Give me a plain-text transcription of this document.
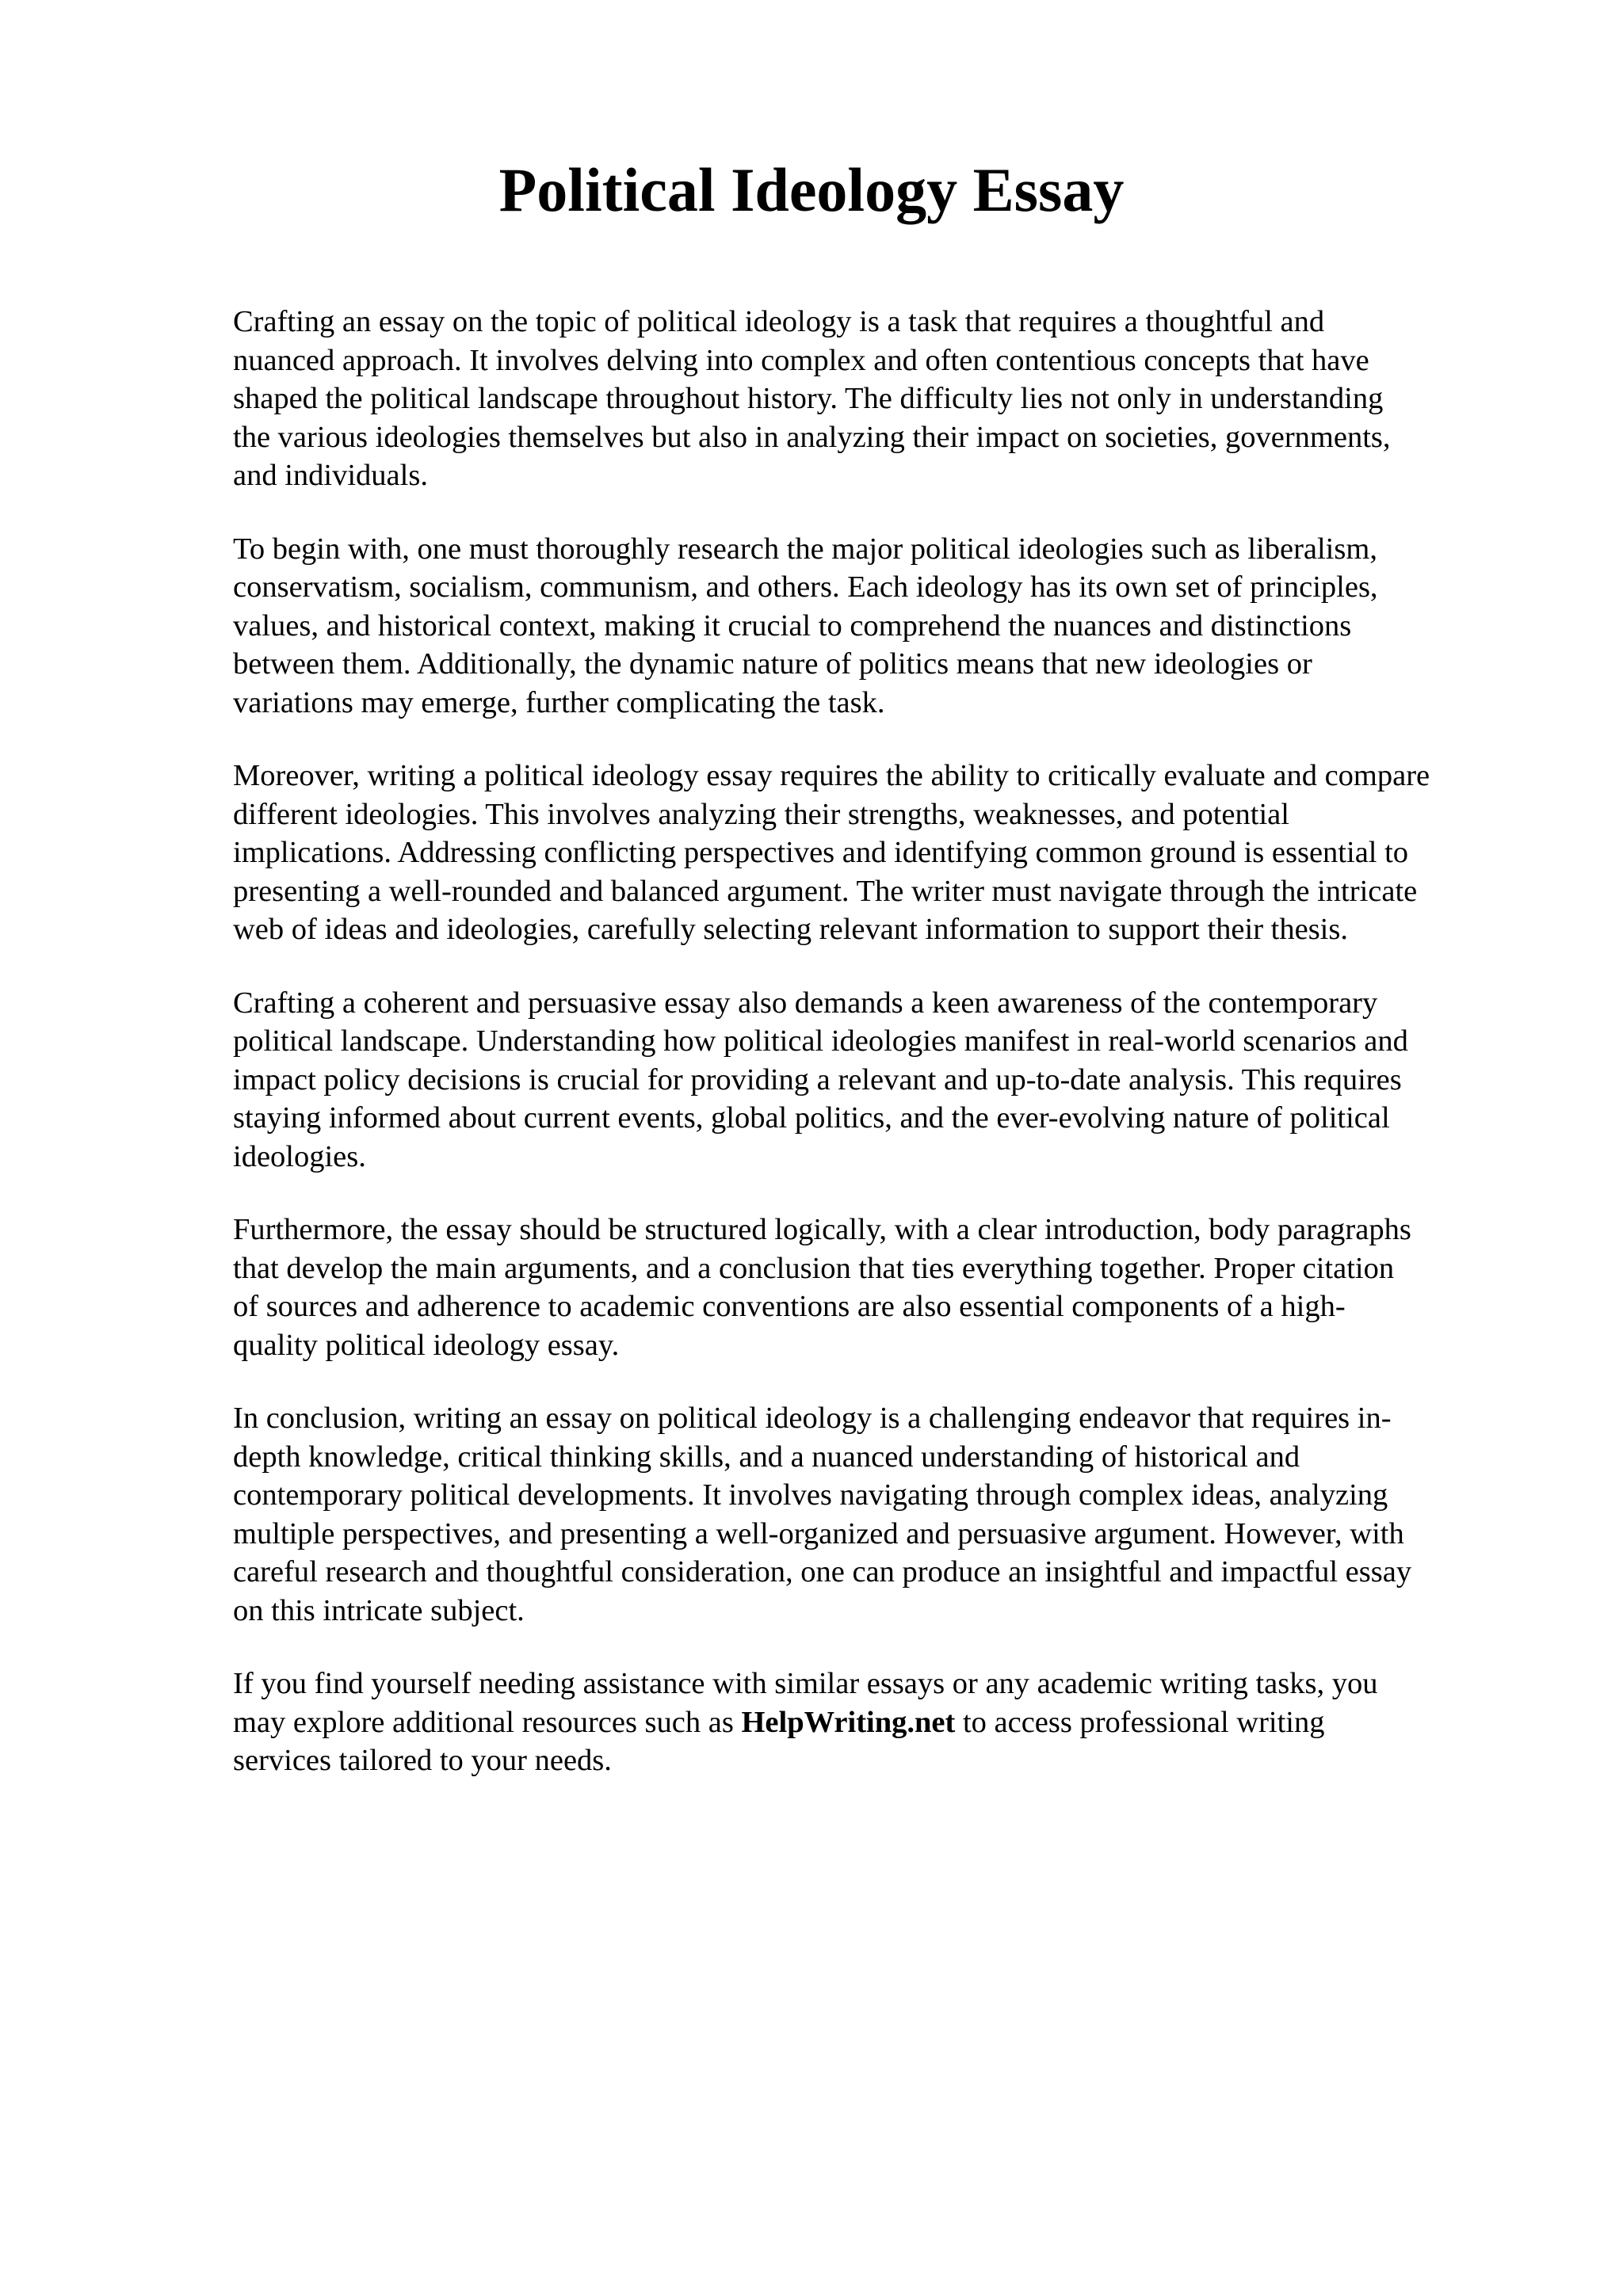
Political Ideology Essay

Crafting an essay on the topic of political ideology is a task that requires a thoughtful and
nuanced approach. It involves delving into complex and often contentious concepts that have
shaped the political landscape throughout history. The difficulty lies not only in understanding
the various ideologies themselves but also in analyzing their impact on societies, governments,
and individuals.

To begin with, one must thoroughly research the major political ideologies such as liberalism,
conservatism, socialism, communism, and others. Each ideology has its own set of principles,
values, and historical context, making it crucial to comprehend the nuances and distinctions
between them. Additionally, the dynamic nature of politics means that new ideologies or
variations may emerge, further complicating the task.

Moreover, writing a political ideology essay requires the ability to critically evaluate and compare
different ideologies. This involves analyzing their strengths, weaknesses, and potential
implications. Addressing conflicting perspectives and identifying common ground is essential to
presenting a well-rounded and balanced argument. The writer must navigate through the intricate
web of ideas and ideologies, carefully selecting relevant information to support their thesis.

Crafting a coherent and persuasive essay also demands a keen awareness of the contemporary
political landscape. Understanding how political ideologies manifest in real-world scenarios and
impact policy decisions is crucial for providing a relevant and up-to-date analysis. This requires
staying informed about current events, global politics, and the ever-evolving nature of political
ideologies.

Furthermore, the essay should be structured logically, with a clear introduction, body paragraphs
that develop the main arguments, and a conclusion that ties everything together. Proper citation
of sources and adherence to academic conventions are also essential components of a high-
quality political ideology essay.

In conclusion, writing an essay on political ideology is a challenging endeavor that requires in-
depth knowledge, critical thinking skills, and a nuanced understanding of historical and
contemporary political developments. It involves navigating through complex ideas, analyzing
multiple perspectives, and presenting a well-organized and persuasive argument. However, with
careful research and thoughtful consideration, one can produce an insightful and impactful essay
on this intricate subject.

If you find yourself needing assistance with similar essays or any academic writing tasks, you
may explore additional resources such as HelpWriting.net to access professional writing
services tailored to your needs.
